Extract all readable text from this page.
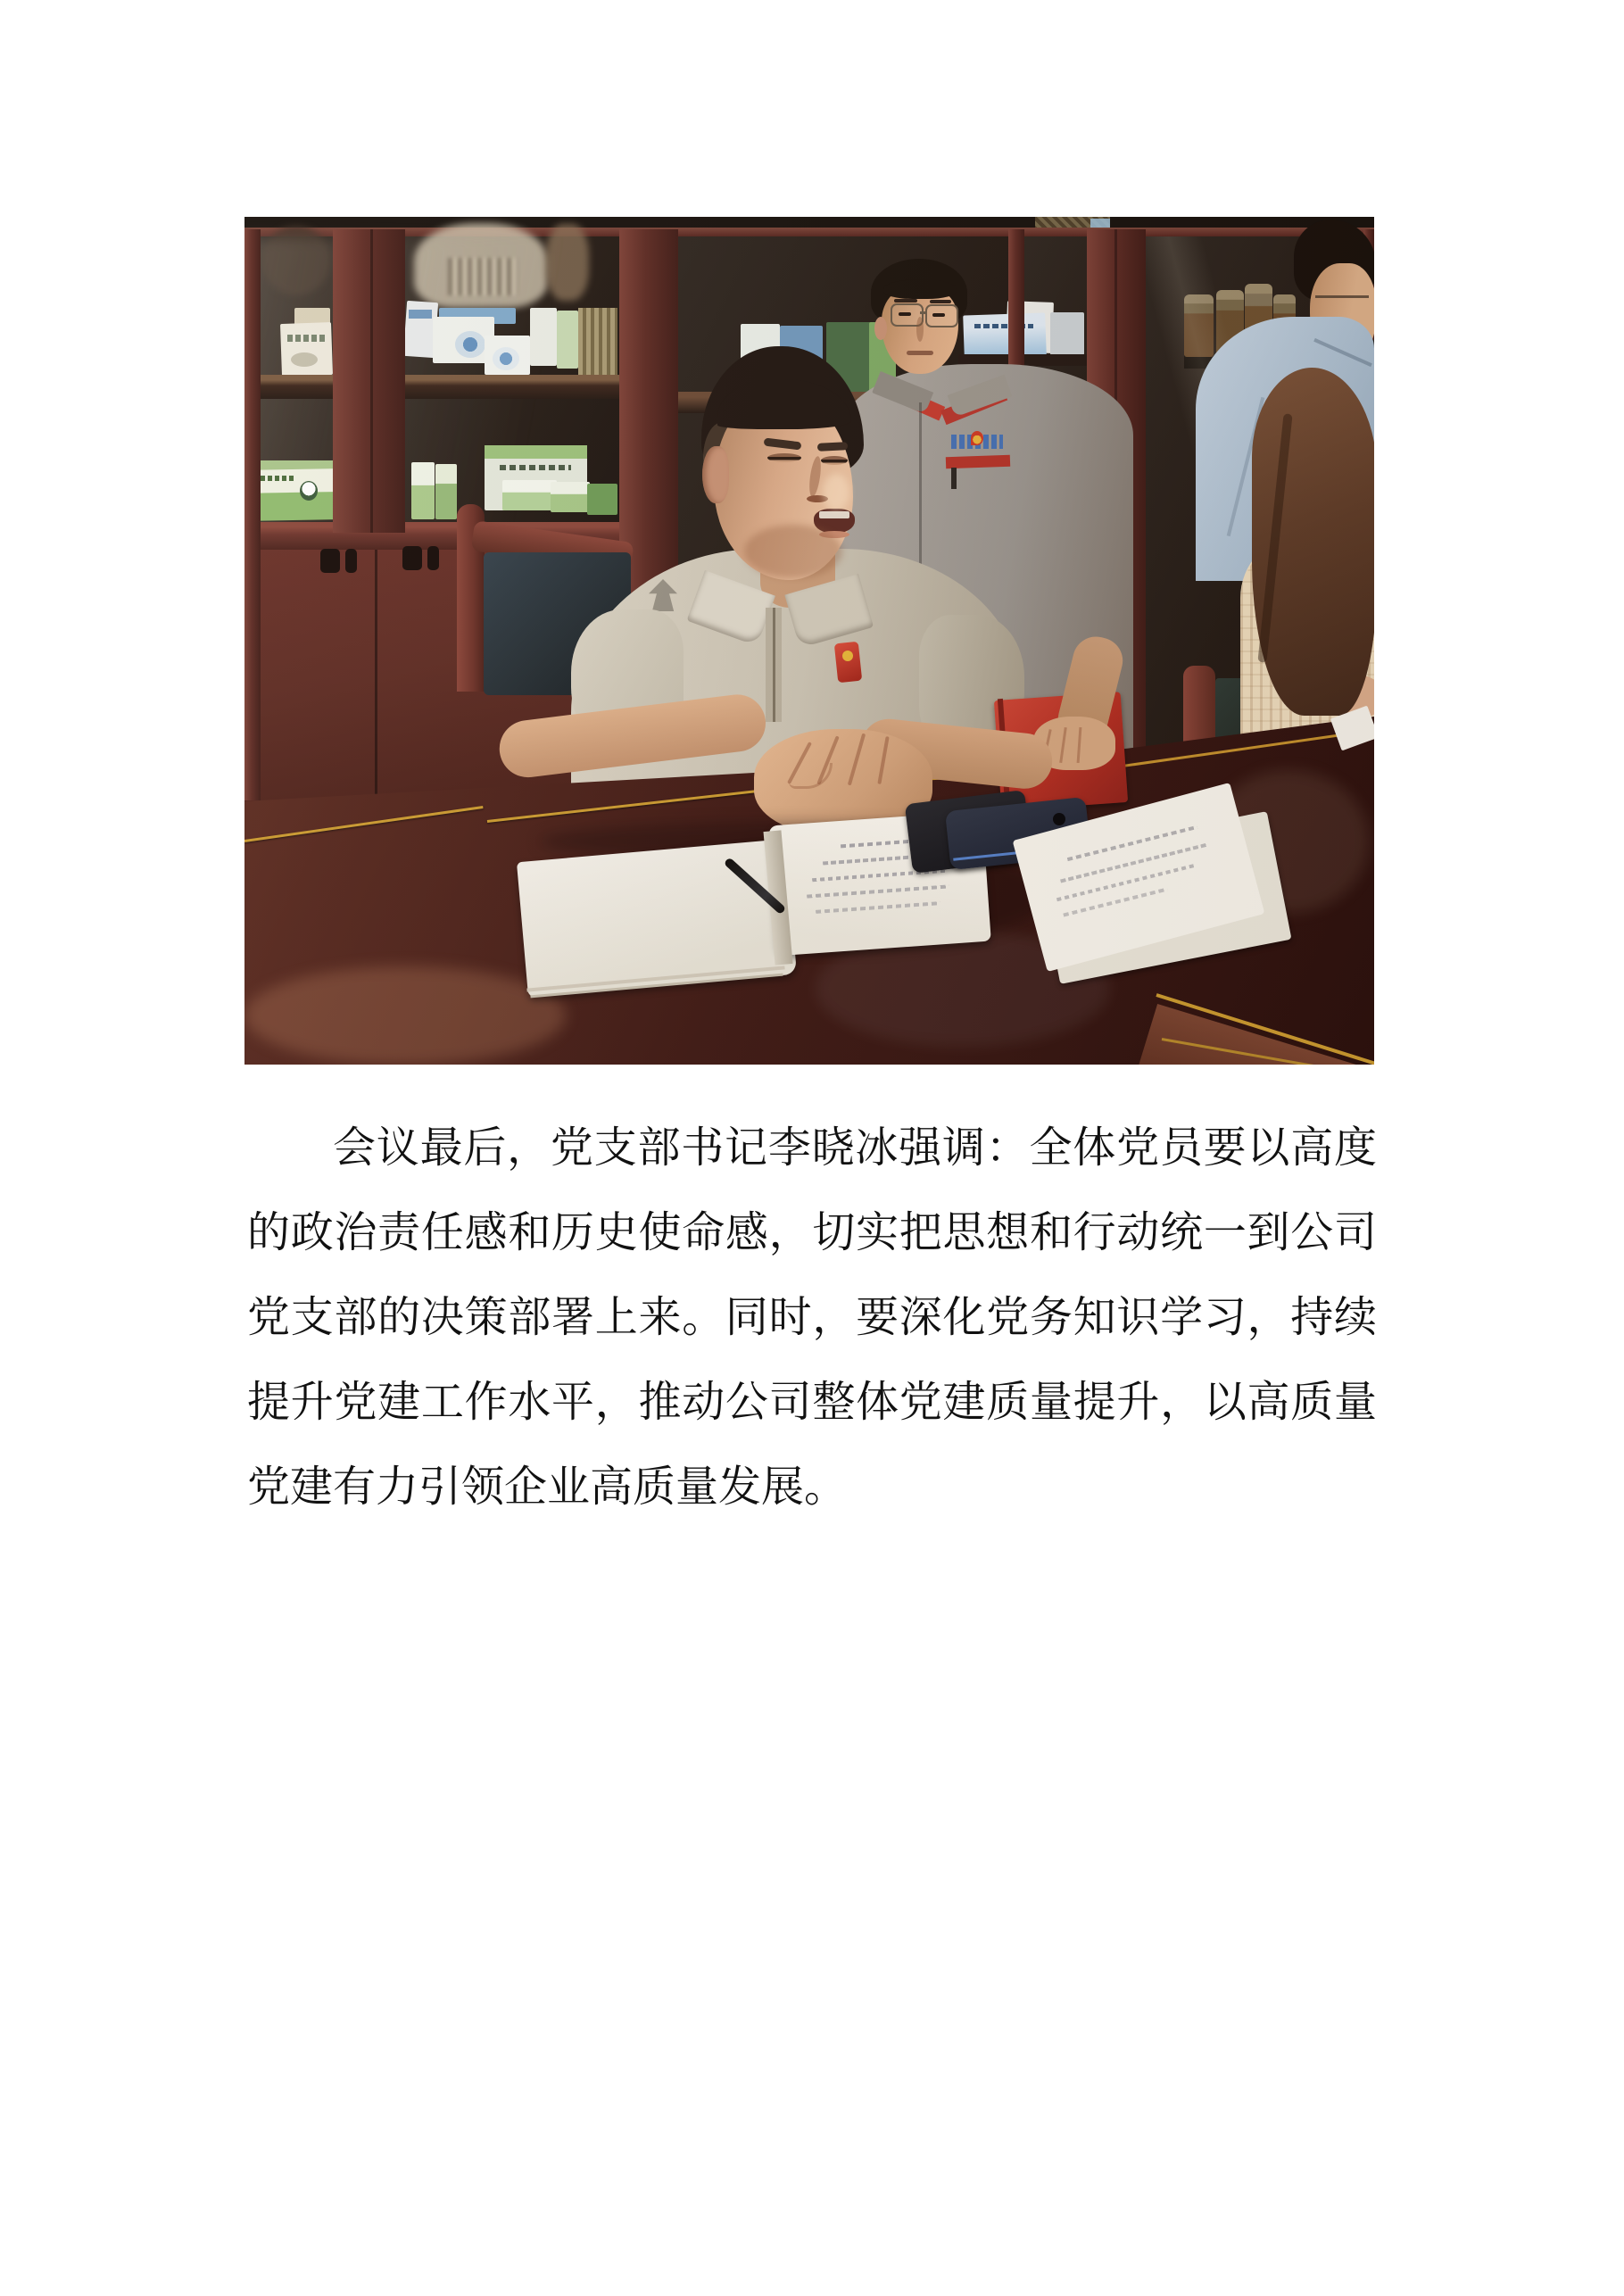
会议最后，党支部书记李晓冰强调：全体党员要以高度
的政治责任感和历史使命感，切实把思想和行动统一到公司
党支部的决策部署上来。同时，要深化党务知识学习，持续
提升党建工作水平，推动公司整体党建质量提升，以高质量
党建有力引领企业高质量发展。
